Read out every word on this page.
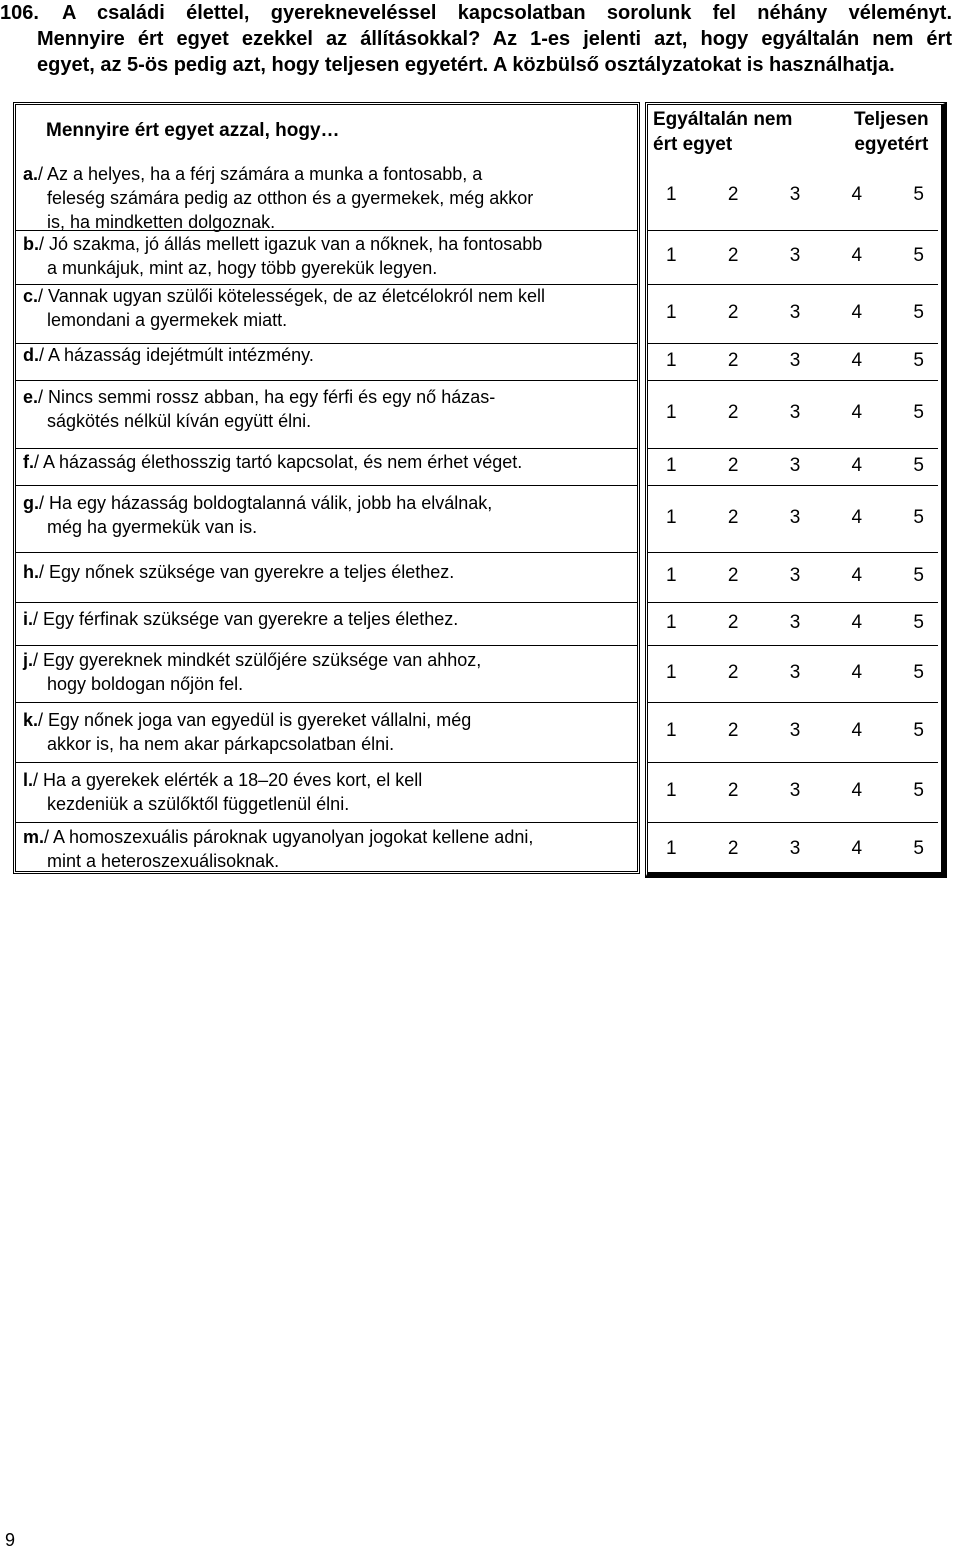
106. A családi élettel, gyerekneveléssel kapcsolatban sorolunk fel néhány véleményt.
Mennyire ért egyet ezekkel az állításokkal? Az 1-es jelenti azt, hogy egyáltalán nem ért
egyet, az 5-ös pedig azt, hogy teljesen egyetért. A közbülső osztályzatokat is használhatja.
Mennyire ért egyet azzal, hogy…
Egyáltalán nem
ért egyet
Teljesen
egyetért
a./ Az a helyes, ha a férj számára a munka a fontosabb, a
feleség számára pedig az otthon és a gyermekek, még akkor
is, ha mindketten dolgoznak.
1	2	3	4	5
b./ Jó szakma, jó állás mellett igazuk van a nőknek, ha fontosabb
a munkájuk, mint az, hogy több gyerekük legyen.
1	2	3	4	5
c./ Vannak ugyan szülői kötelességek, de az életcélokról nem kell
lemondani a gyermekek miatt.	1	2	3	4	5
d./ A házasság idejétmúlt intézmény.	1	2	3	4	5
e./ Nincs semmi rossz abban, ha egy férfi és egy nő házas-
ságkötés nélkül kíván együtt élni.	1	2	3	4	5
f./ A házasság élethosszig tartó kapcsolat, és nem érhet véget.	1	2	3	4	5
g./ Ha egy házasság boldogtalanná válik, jobb ha elválnak,
még ha gyermekük van is.	1	2	3	4	5
h./ Egy nőnek szüksége van gyerekre a teljes élethez.	1	2	3	4	5
i./ Egy férfinak szüksége van gyerekre a teljes élethez.	1	2	3	4	5
j./ Egy gyereknek mindkét szülőjére szüksége van ahhoz,
hogy boldogan nőjön fel.
1	2	3	4	5
k./ Egy nőnek joga van egyedül is gyereket vállalni, még
akkor is, ha nem akar párkapcsolatban élni.
1	2	3	4	5
l./ Ha a gyerekek elérték a 18–20 éves kort, el kell
kezdeniük a szülőktől függetlenül élni.
1	2	3	4	5
m./ A homoszexuális pároknak ugyanolyan jogokat kellene adni,
mint a heteroszexuálisoknak.
1	2	3	4	5
9
